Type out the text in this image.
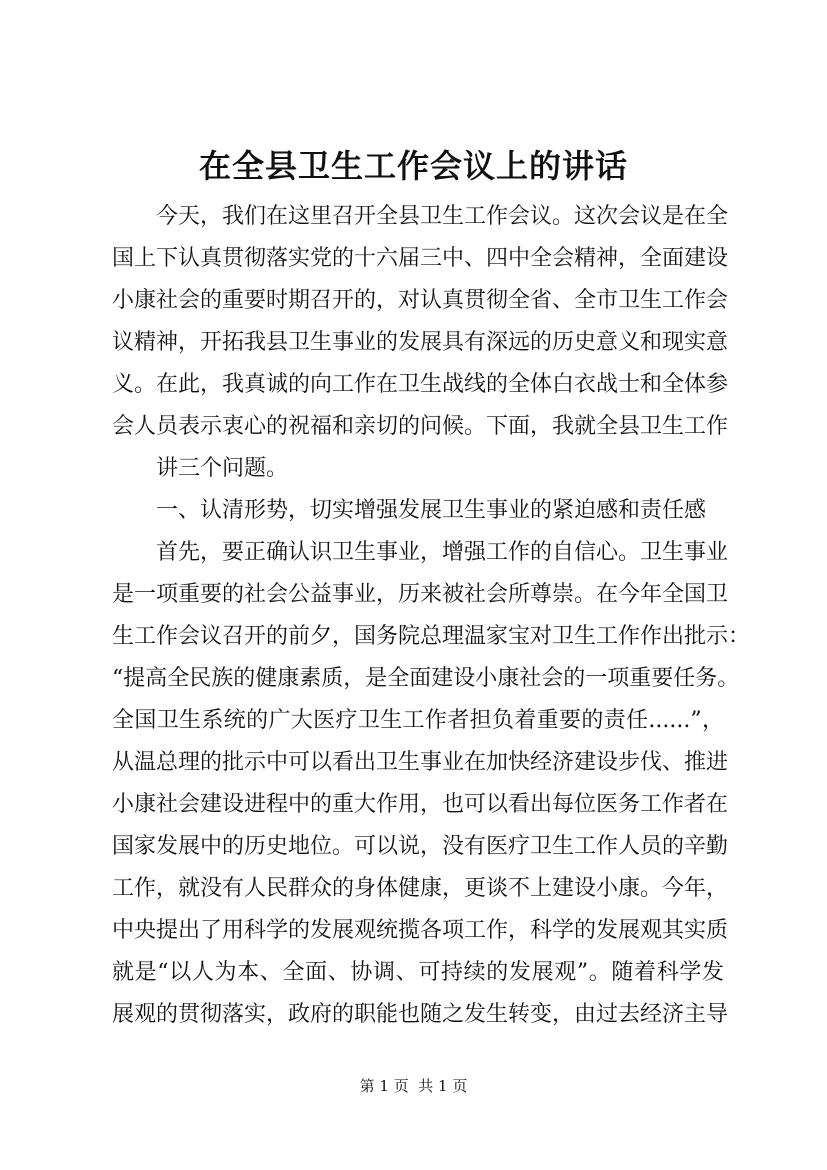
在全县卫生工作会议上的讲话
今天，我们在这里召开全县卫生工作会议。这次会议是在全
国上下认真贯彻落实党的十六届三中、四中全会精神，全面建设
小康社会的重要时期召开的，对认真贯彻全省、全市卫生工作会
议精神，开拓我县卫生事业的发展具有深远的历史意义和现实意
义。在此，我真诚的向工作在卫生战线的全体白衣战士和全体参
会人员表示衷心的祝福和亲切的问候。下面，我就全县卫生工作
讲三个问题。
一、认清形势，切实增强发展卫生事业的紧迫感和责任感
首先，要正确认识卫生事业，增强工作的自信心。卫生事业
是一项重要的社会公益事业，历来被社会所尊崇。在今年全国卫
生工作会议召开的前夕，国务院总理温家宝对卫生工作作出批示：
“提高全民族的健康素质，是全面建设小康社会的一项重要任务。
全国卫生系统的广大医疗卫生工作者担负着重要的责任......”，
从温总理的批示中可以看出卫生事业在加快经济建设步伐、推进
小康社会建设进程中的重大作用，也可以看出每位医务工作者在
国家发展中的历史地位。可以说，没有医疗卫生工作人员的辛勤
工作，就没有人民群众的身体健康，更谈不上建设小康。今年，
中央提出了用科学的发展观统揽各项工作，科学的发展观其实质
就是“以人为本、全面、协调、可持续的发展观”。随着科学发
展观的贯彻落实，政府的职能也随之发生转变，由过去经济主导
第 1 页  共 1 页
